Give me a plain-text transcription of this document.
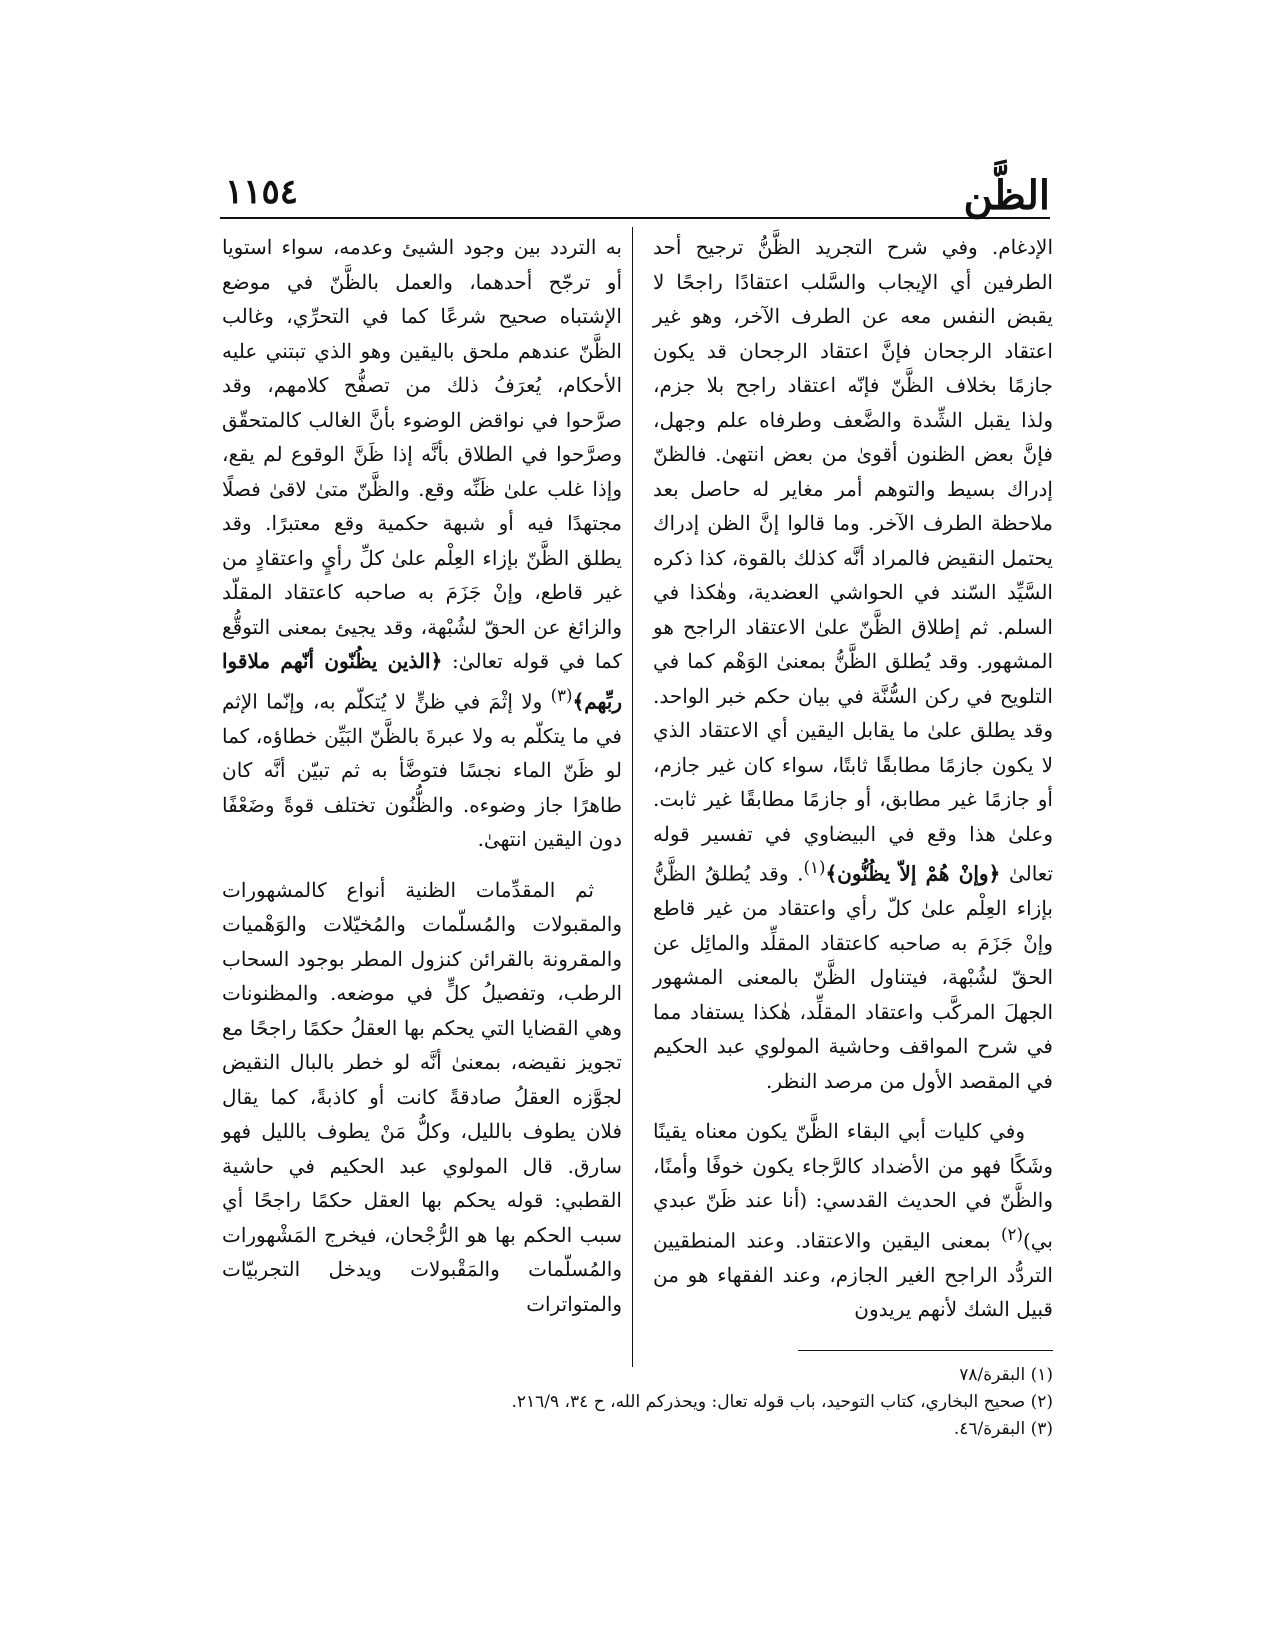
الظَّن
١١٥٤

الإدغام. وفي شرح التجريد الظَّنُّ ترجيح أحد الطرفين أي الإيجاب والسَّلب اعتقادًا راجحًا لا يقبض النفس معه عن الطرف الآخر، وهو غير اعتقاد الرجحان فإنَّ اعتقاد الرجحان قد يكون جازمًا بخلاف الظَّنّ فإنّه اعتقاد راجح بلا جزم، ولذا يقبل الشِّدة والضَّعف وطرفاه علم وجهل، فإنَّ بعض الظنون أقوىٰ من بعض انتهىٰ. فالظنّ إدراك بسيط والتوهم أمر مغاير له حاصل بعد ملاحظة الطرف الآخر. وما قالوا إنَّ الظن إدراك يحتمل النقيض فالمراد أنَّه كذلك بالقوة، كذا ذكره السَّيِّد السّند في الحواشي العضدية، وهٰكذا في السلم. ثم إطلاق الظَّنّ علىٰ الاعتقاد الراجح هو المشهور. وقد يُطلق الظَّنُّ بمعنىٰ الوَهْم كما في التلويح في ركن السُّنَّة في بيان حكم خبر الواحد. وقد يطلق علىٰ ما يقابل اليقين أي الاعتقاد الذي لا يكون جازمًا مطابقًا ثابتًا، سواء كان غير جازم، أو جازمًا غير مطابق، أو جازمًا مطابقًا غير ثابت. وعلىٰ هذا وقع في البيضاوي في تفسير قوله تعالىٰ ﴿وإنْ هُمْ إلاّ يظُنُّون﴾$^{(١)}$. وقد يُطلقُ الظَّنُّ بإزاء العِلْم علىٰ كلّ رأي واعتقاد من غير قاطع وإنْ جَزَمَ به صاحبه كاعتقاد المقلِّد والمائِل عن الحقّ لشُبْهة، فيتناول الظَّنّ بالمعنى المشهور الجهلَ المركَّب واعتقاد المقلِّد، هٰكذا يستفاد مما في شرح المواقف وحاشية المولوي عبد الحكيم في المقصد الأول من مرصد النظر.

وفي كليات أبي البقاء الظَّنّ يكون معناه يقينًا وشَكًا فهو من الأضداد كالرَّجاء يكون خوفًا وأمنًا، والظَّنّ في الحديث القدسي: (أنا عند ظَنّ عبدي بي)$^{(٢)}$ بمعنى اليقين والاعتقاد. وعند المنطقيين التردُّد الراجح الغير الجازم، وعند الفقهاء هو من قبيل الشك لأنهم يريدون

به التردد بين وجود الشيئ وعدمه، سواء استويا أو ترجّح أحدهما، والعمل بالظَّنّ في موضع الإشتباه صحيح شرعًا كما في التحرِّي، وغالب الظَّنّ عندهم ملحق باليقين وهو الذي تبتني عليه الأحكام، يُعرَفُ ذلك من تصفُّح كلامهم، وقد صرَّحوا في نواقض الوضوء بأنَّ الغالب كالمتحقّق وصرَّحوا في الطلاق بأنَّه إذا ظَنَّ الوقوع لم يقع، وإذا غلب علىٰ ظَنِّه وقع. والظَّنّ متىٰ لاقىٰ فصلًا مجتهدًا فيه أو شبهة حكمية وقع معتبرًا. وقد يطلق الظَّنّ بإزاء العِلْم علىٰ كلِّ رأيٍ واعتقادٍ من غير قاطع، وإنْ جَزَمَ به صاحبه كاعتقاد المقلّد والزائغ عن الحقّ لشُبْهة، وقد يجيئ بمعنى التوقُّع كما في قوله تعالىٰ: ﴿الذين يظُنّون أنّهم ملاقوا ربِّهم﴾$^{(٣)}$ ولا إثْمَ في ظنٍّ لا يُتكلّم به، وإنّما الإثم في ما يتكلّم به ولا عبرةَ بالظَّنّ البَيِّن خطاؤه، كما لو ظَنّ الماء نجسًا فتوضَّأ به ثم تبيّن أنَّه كان طاهرًا جاز وضوءه. والظُّنُون تختلف قوةً وضَعْفًا دون اليقين انتهىٰ.

ثم المقدِّمات الظنية أنواع كالمشهورات والمقبولات والمُسلّمات والمُخيّلات والوَهْميات والمقرونة بالقرائن كنزول المطر بوجود السحاب الرطب، وتفصيلُ كلٍّ في موضعه. والمظنونات وهي القضايا التي يحكم بها العقلُ حكمًا راجحًا مع تجويز نقيضه، بمعنىٰ أنَّه لو خطر بالبال النقيض لجوَّزه العقلُ صادقةً كانت أو كاذبةً، كما يقال فلان يطوف بالليل، وكلُّ مَنْ يطوف بالليل فهو سارق. قال المولوي عبد الحكيم في حاشية القطبي: قوله يحكم بها العقل حكمًا راجحًا أي سبب الحكم بها هو الرُّجْحان، فيخرج المَشْهورات والمُسلّمات والمَقْبولات ويدخل التجربيّات والمتواترات

(١) البقرة/٧٨
(٢) صحيح البخاري، كتاب التوحيد، باب قوله تعال: ويحذركم الله، ح ٣٤، ٢١٦/٩.
(٣) البقرة/٤٦.
